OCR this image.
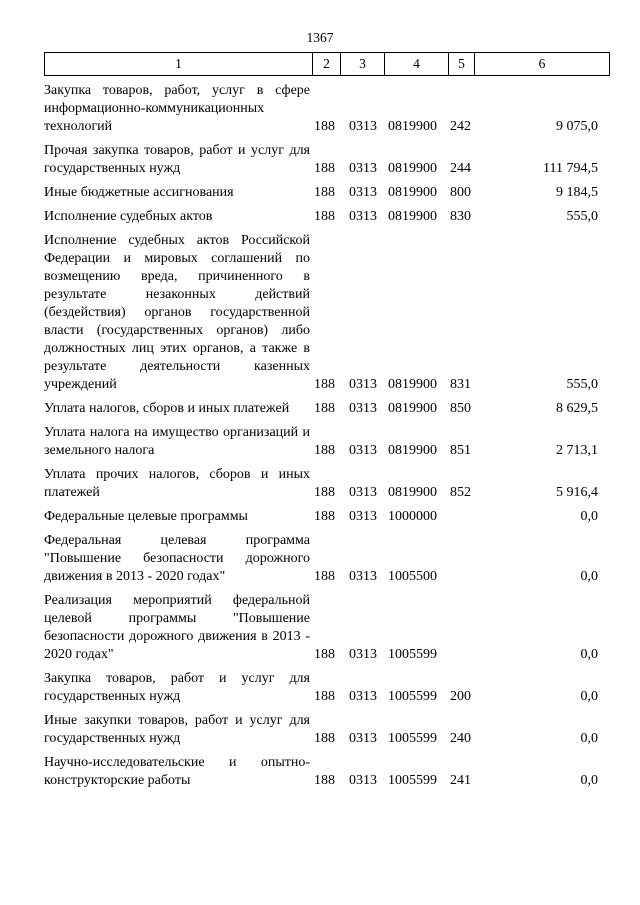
1367
1	2	3	4	5	6
Закупка товаров, работ, услуг в сфере информационно-коммуникационных технологий	188	0313 0819900 242	9 075,0
Прочая закупка товаров, работ и услуг для государственных нужд	188	0313 0819900 244	111 794,5
Иные бюджетные ассигнования	188	0313 0819900 800	9 184,5
Исполнение судебных актов	188	0313 0819900 830	555,0
Исполнение судебных актов Российской Федерации и мировых соглашений по возмещению вреда, причиненного в результате незаконных действий (бездействия) органов государственной власти (государственных органов) либо должностных лиц этих органов, а также в результате деятельности казенных учреждений	188	0313 0819900 831	555,0
Уплата налогов, сборов и иных платежей	188	0313 0819900 850	8 629,5
Уплата налога на имущество организаций и земельного налога	188	0313 0819900 851	2 713,1
Уплата прочих налогов, сборов и иных платежей	188	0313 0819900 852	5 916,4
Федеральные целевые программы	188	0313 1000000	0,0
Федеральная целевая программа "Повышение безопасности дорожного движения в 2013 - 2020 годах"	188	0313 1005500	0,0
Реализация мероприятий федеральной целевой программы "Повышение безопасности дорожного движения в 2013 - 2020 годах"	188	0313 1005599	0,0
Закупка товаров, работ и услуг для государственных нужд	188	0313 1005599 200	0,0
Иные закупки товаров, работ и услуг для государственных нужд	188	0313 1005599 240	0,0
Научно-исследовательские и опытно-конструкторские работы	188	0313 1005599 241	0,0
